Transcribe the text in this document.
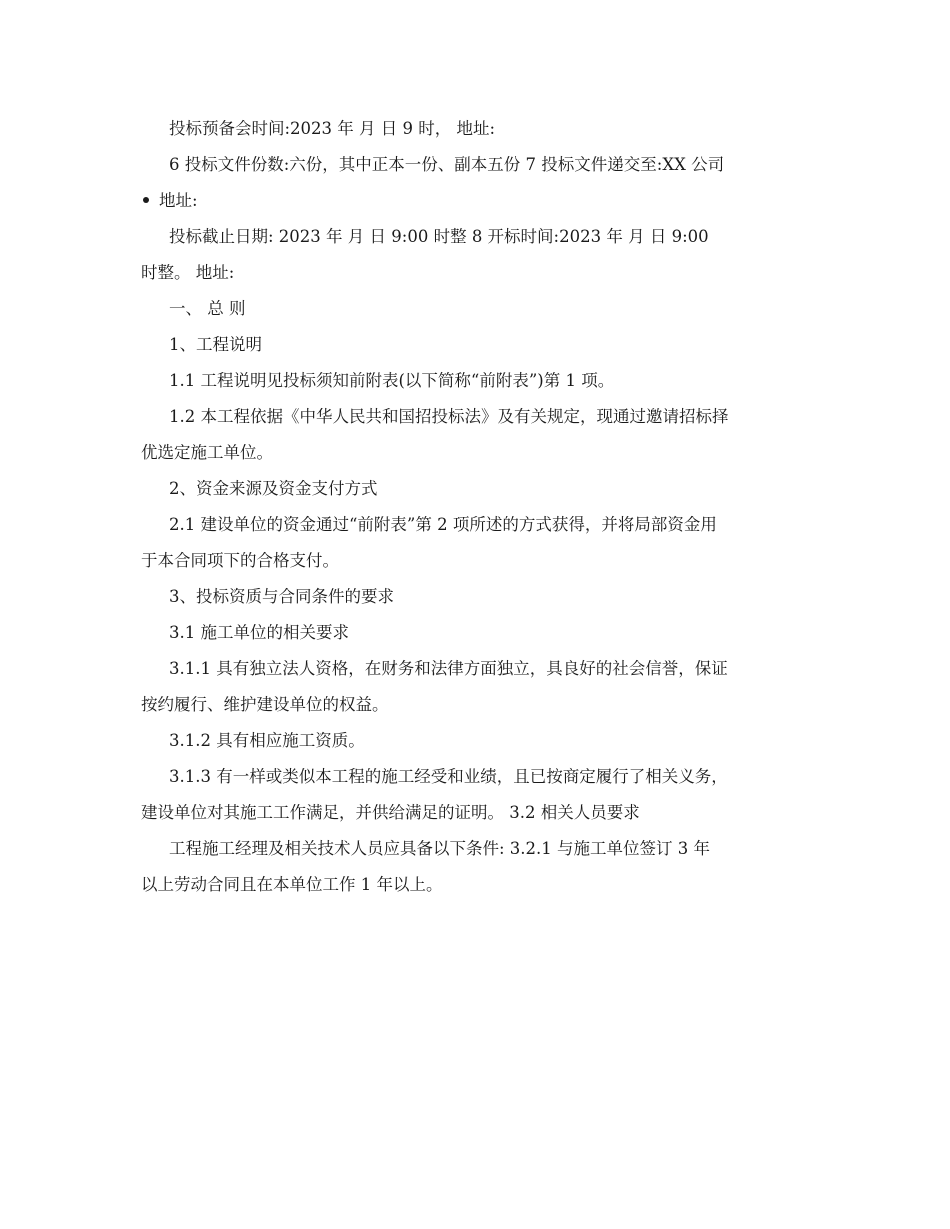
投标预备会时间:2023 年 月 日 9 时， 地址:
6 投标文件份数:六份，其中正本一份、副本五份 7 投标文件递交至:XX 公司
地址:
投标截止日期: 2023 年 月 日 9:00 时整 8 开标时间:2023 年 月 日 9:00
时整。 地址:
一、 总 则
1、工程说明
1.1 工程说明见投标须知前附表(以下简称“前附表”)第 1 项。
1.2 本工程依据《中华人民共和国招投标法》及有关规定，现通过邀请招标择
优选定施工单位。
2、资金来源及资金支付方式
2.1 建设单位的资金通过“前附表”第 2 项所述的方式获得，并将局部资金用
于本合同项下的合格支付。
3、投标资质与合同条件的要求
3.1 施工单位的相关要求
3.1.1 具有独立法人资格，在财务和法律方面独立，具良好的社会信誉，保证
按约履行、维护建设单位的权益。
3.1.2 具有相应施工资质。
3.1.3 有一样或类似本工程的施工经受和业绩，且已按商定履行了相关义务，
建设单位对其施工工作满足，并供给满足的证明。 3.2 相关人员要求
工程施工经理及相关技术人员应具备以下条件: 3.2.1 与施工单位签订 3 年
以上劳动合同且在本单位工作 1 年以上。
